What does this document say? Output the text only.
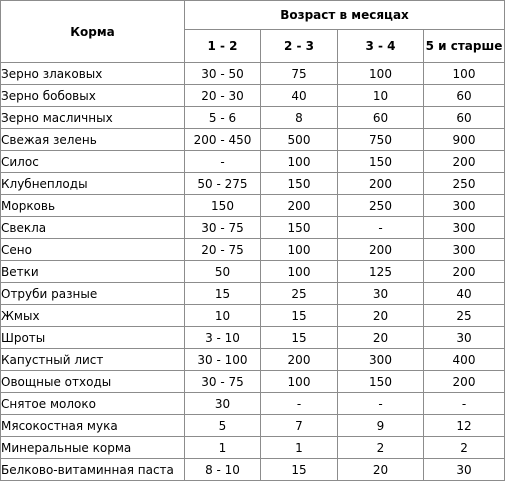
Корма	Возраст в месяцах			
	1 - 2	2 - 3	3 - 4	5 и старше
Зерно злаковых	30 - 50	75	100	100
Зерно бобовых	20 - 30	40	10	60
Зерно масличных	5 - 6	8	60	60
Свежая зелень	200 - 450	500	750	900
Силос	-	100	150	200
Клубнеплоды	50 - 275	150	200	250
Морковь	150	200	250	300
Свекла	30 - 75	150	-	300
Сено	20 - 75	100	200	300
Ветки	50	100	125	200
Отруби разные	15	25	30	40
Жмых	10	15	20	25
Шроты	3 - 10	15	20	30
Капустный лист	30 - 100	200	300	400
Овощные отходы	30 - 75	100	150	200
Снятое молоко	30	-	-	-
Мясокостная мука	5	7	9	12
Минеральные корма	1	1	2	2
Белково-витаминная паста	8 - 10	15	20	30
